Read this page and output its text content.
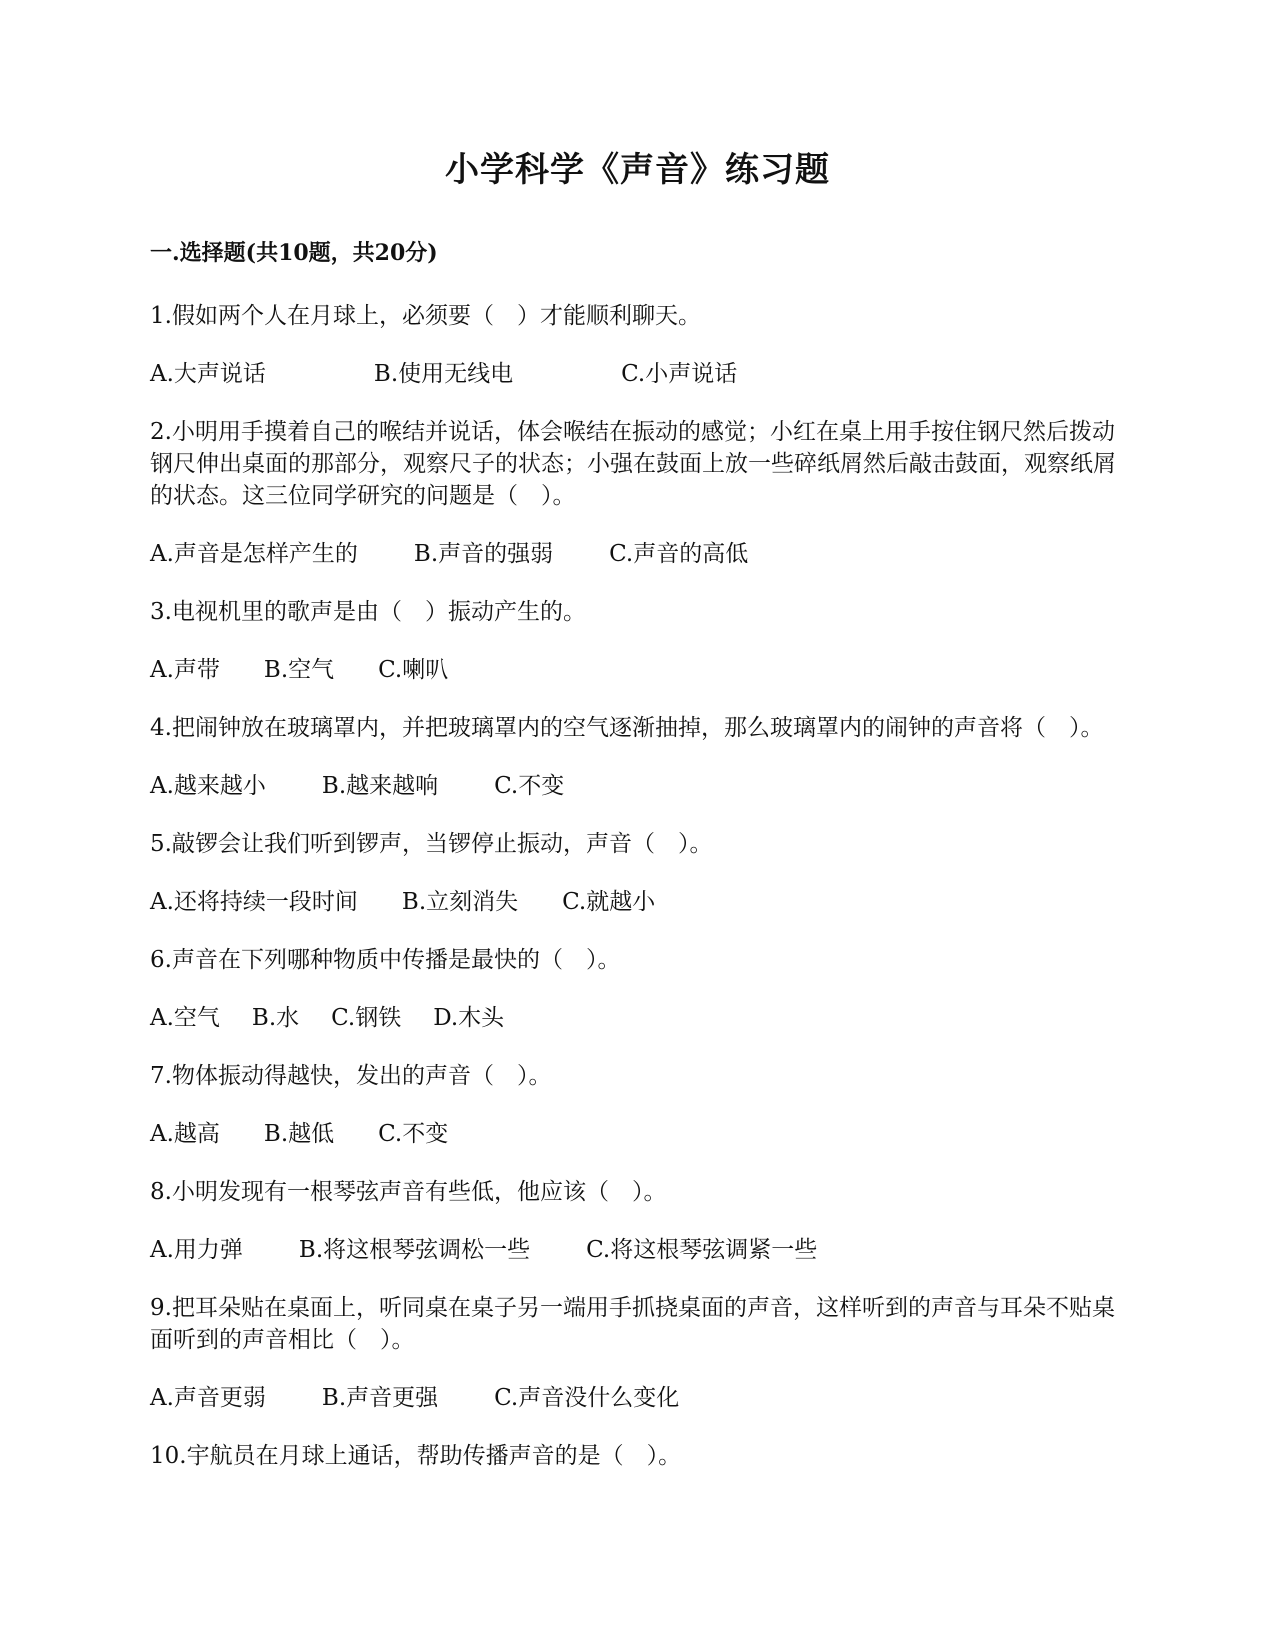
小学科学《声音》练习题
一.选择题(共10题，共20分)
1.假如两个人在月球上，必须要（　）才能顺利聊天。
A.大声说话	B.使用无线电	C.小声说话
2.小明用手摸着自己的喉结并说话，体会喉结在振动的感觉；小红在桌上用手按住钢尺然后拨动钢尺伸出桌面的那部分，观察尺子的状态；小强在鼓面上放一些碎纸屑然后敲击鼓面，观察纸屑的状态。这三位同学研究的问题是（　）。
A.声音是怎样产生的 B.声音的强弱 C.声音的高低
3.电视机里的歌声是由（　）振动产生的。
A.声带 B.空气 C.喇叭
4.把闹钟放在玻璃罩内，并把玻璃罩内的空气逐渐抽掉，那么玻璃罩内的闹钟的声音将（　）。
A.越来越小 B.越来越响 C.不变
5.敲锣会让我们听到锣声，当锣停止振动，声音（　）。
A.还将持续一段时间 B.立刻消失 C.就越小
6.声音在下列哪种物质中传播是最快的（　）。
A.空气 B.水 C.钢铁 D.木头
7.物体振动得越快，发出的声音（　）。
A.越高 B.越低 C.不变
8.小明发现有一根琴弦声音有些低，他应该（　）。
A.用力弹 B.将这根琴弦调松一些 C.将这根琴弦调紧一些
9.把耳朵贴在桌面上，听同桌在桌子另一端用手抓挠桌面的声音，这样听到的声音与耳朵不贴桌面听到的声音相比（　）。
A.声音更弱 B.声音更强 C.声音没什么变化
10.宇航员在月球上通话，帮助传播声音的是（　）。
